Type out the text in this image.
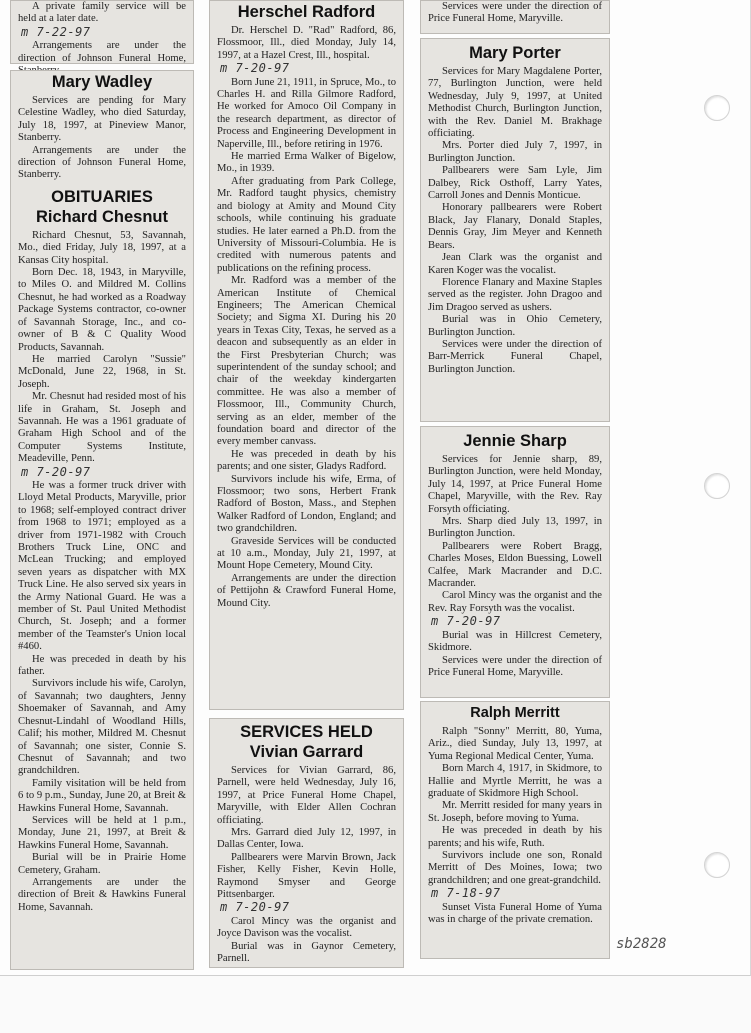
A private family service will be held at a later date.

m 7-22-97

Arrangements are under the direction of Johnson Funeral Home,

Mary Wadley

Services are pending for Mary Celestine Wadley, who died Saturday, July 18, 1997, at Pineview Manor, Stanberry.

Arrangements are under the direction of Johnson Funeral Home, Stanberry.

OBITUARIES
Richard Chesnut

Richard Chesnut, 53, Savannah, Mo., died Friday, July 18, 1997, at a Kansas City hospital.

Born Dec. 18, 1943, in Maryville, to Miles O. and Mildred M. Collins Chesnut, he had worked as a Roadway Package Systems contractor, co-owner of Savannah Storage, Inc., and co-owner of B & C Quality Wood Products, Savannah.

He married Carolyn "Sussie" McDonald, June 22, 1968, in St. Joseph.

Mr. Chesnut had resided most of his life in Graham, St. Joseph and Savannah. He was a 1961 graduate of Graham High School and of the Computer Systems Institute, Meadeville, Penn.

m 7-20-97

He was a former truck driver with Lloyd Metal Products, Maryville, prior to 1968; self-employed contract driver from 1968 to 1971; employed as a driver from 1971-1982 with Crouch Brothers Truck Line, ONC and McLean Trucking; and employed seven years as dispatcher with MX Truck Line. He also served six years in the Army National Guard. He was a member of St. Paul United Methodist Church, St. Joseph; and a former member of the Teamster's Union local #460.

He was preceded in death by his father.

Survivors include his wife, Carolyn, of Savannah; two daughters, Jenny Shoemaker of Savannah, and Amy Chesnut-Lindahl of Woodland Hills, Calif; his mother, Mildred M. Chesnut of Savannah; one sister, Connie S. Chesnut of Savannah; and two grandchildren.

Family visitation will be held from 6 to 9 p.m., Sunday, June 20, at Breit & Hawkins Funeral Home, Savannah.

Services will be held at 1 p.m., Monday, June 21, 1997, at Breit & Hawkins Funeral Home, Savannah.

Burial will be in Prairie Home Cemetery, Graham.

Arrangements are under the direction of Breit & Hawkins Funeral Home, Savannah.

Herschel Radford

Dr. Herschel D. "Rad" Radford, 86, Flossmoor, Ill., died Monday, July 14, 1997, at a Hazel Crest, Ill., hospital.

m 7-20-97

Born June 21, 1911, in Spruce, Mo., to Charles H. and Rilla Gilmore Radford, He worked for Amoco Oil Company in the research department, as director of Process and Engineering Development in Naperville, Ill., before retiring in 1976.

He married Erma Walker of Bigelow, Mo., in 1939.

After graduating from Park College, Mr. Radford taught physics, chemistry and biology at Amity and Mound City schools, while continuing his graduate studies. He later earned a Ph.D. from the University of Missouri-Columbia. He is credited with numerous patents and publications on the refining process.

Mr. Radford was a member of the American Institute of Chemical Engineers; The American Chemical Society; and Sigma XI. During his 20 years in Texas City, Texas, he served as a deacon and subsequently as an elder in the First Presbyterian Church; was superintendent of the sunday school; and chair of the weekday kindergarten committee. He was also a member of Flossmoor, Ill., Community Church, serving as an elder, member of the foundation board and director of the every member canvass.

He was preceded in death by his parents; and one sister, Gladys Radford.

Survivors include his wife, Erma, of Flossmoor; two sons, Herbert Frank Radford of Boston, Mass., and Stephen Walker Radford of London, England; and two grandchildren.

Graveside Services will be conducted at 10 a.m., Monday, July 21, 1997, at Mount Hope Cemetery, Mound City.

Arrangements are under the direction of Pettijohn & Crawford Funeral Home, Mound City.

SERVICES HELD
Vivian Garrard

Services for Vivian Garrard, 86, Parnell, were held Wednesday, July 16, 1997, at Price Funeral Home Chapel, Maryville, with Elder Allen Cochran officiating.

Mrs. Garrard died July 12, 1997, in Dallas Center, Iowa.

Pallbearers were Marvin Brown, Jack Fisher, Kelly Fisher, Kevin Holle, Raymond Smyser and George Pittsenbarger.

m 7-20-97

Carol Mincy was the organist and Joyce Davison was the vocalist.

Burial was in Gaynor Cemetery, Parnell.

Services were under the direction of Price Funeral Home, Maryville.

Mary Porter

Services for Mary Magdalene Porter, 77, Burlington Junction, were held Wednesday, July 9, 1997, at United Methodist Church, Burlington Junction, with the Rev. Daniel M. Brakhage officiating.

Mrs. Porter died July 7, 1997, in Burlington Junction.

Pallbearers were Sam Lyle, Jim Dalbey, Rick Osthoff, Larry Yates, Carroll Jones and Dennis Monticue.

Honorary pallbearers were Robert Black, Jay Flanary, Donald Staples, Dennis Gray, Jim Meyer and Kenneth Bears.

Jean Clark was the organist and Karen Koger was the vocalist.

Florence Flanary and Maxine Staples served as the register. John Dragoo and Jim Dragoo served as ushers.

Burial was in Ohio Cemetery, Burlington Junction.

Services were under the direction of Barr-Merrick Funeral Chapel, Burlington Junction.

Jennie Sharp

Services for Jennie sharp, 89, Burlington Junction, were held Monday, July 14, 1997, at Price Funeral Home Chapel, Maryville, with the Rev. Ray Forsyth officiating.

Mrs. Sharp died July 13, 1997, in Burlington Junction.

Pallbearers were Robert Bragg, Charles Moses, Eldon Buessing, Lowell Calfee, Mark Macrander and D.C. Macrander.

Carol Mincy was the organist and the Rev. Ray Forsyth was the vocalist.

m 7-20-97

Burial was in Hillcrest Cemetery, Skidmore.

Services were under the direction of Price Funeral Home, Maryville.

Ralph Merritt

Ralph "Sonny" Merritt, 80, Yuma, Ariz., died Sunday, July 13, 1997, at Yuma Regional Medical Center, Yuma.

Born March 4, 1917, in Skidmore, to Hallie and Myrtle Merritt, he was a graduate of Skidmore High School.

Mr. Merritt resided for many years in St. Joseph, before moving to Yuma.

He was preceded in death by his parents; and his wife, Ruth.

Survivors include one son, Ronald Merritt of Des Moines, Iowa; two grandchildren; and one great-grandchild.

m 7-18-97

Sunset Vista Funeral Home of Yuma was in charge of the private cremation.

sb2828
